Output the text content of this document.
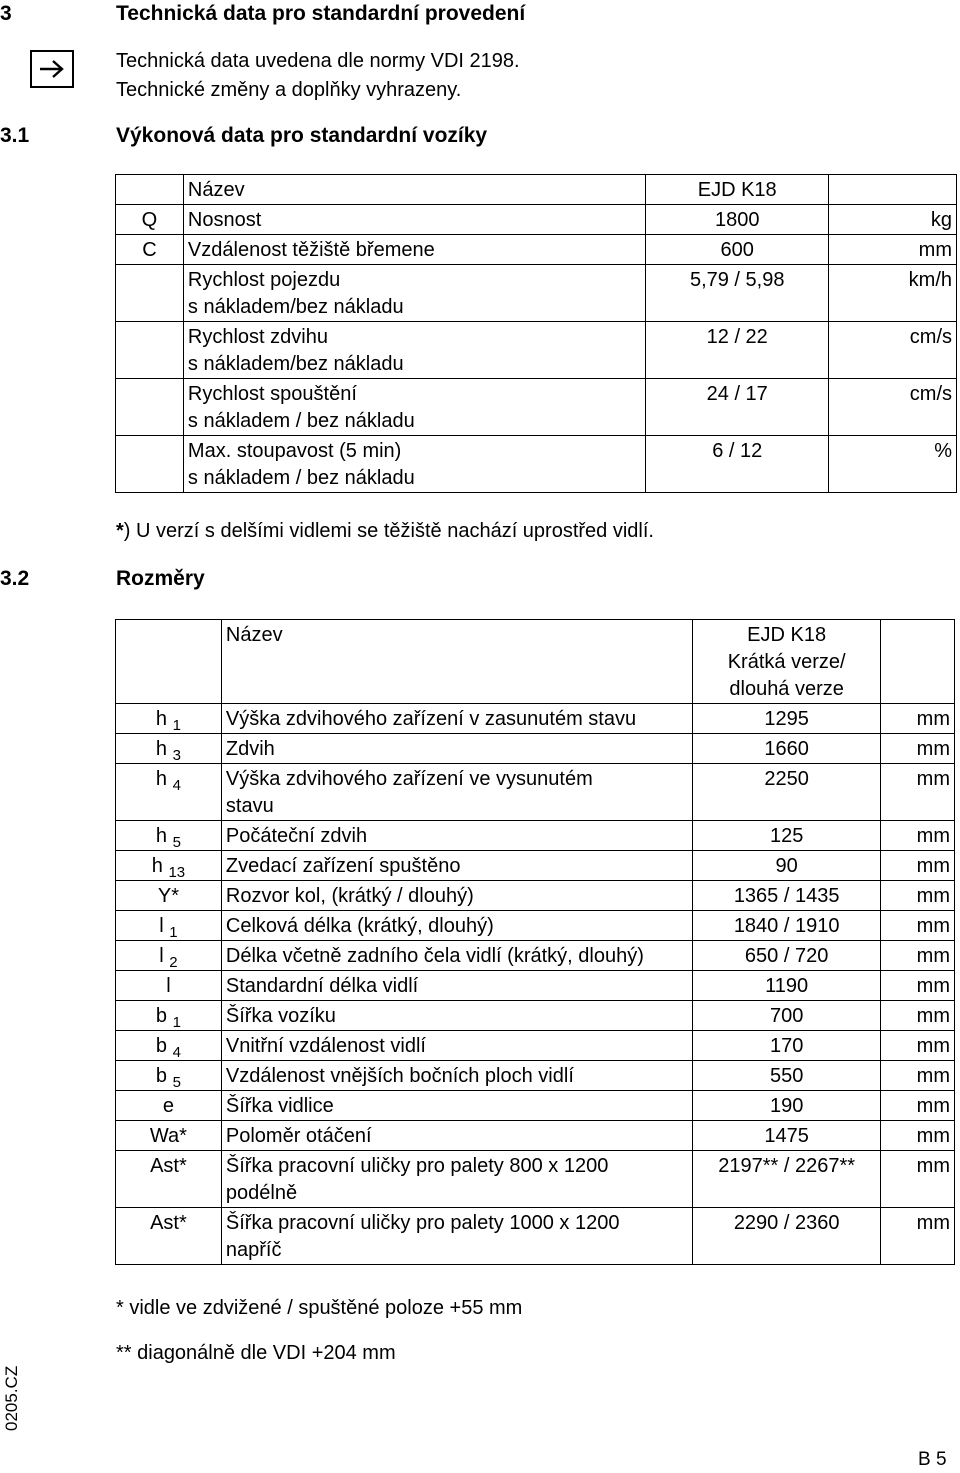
3	Technická data pro standardní provedení
Technická data uvedena dle normy VDI 2198.
Technické změny a doplňky vyhrazeny.
3.1	Výkonová data pro standardní vozíky
	Název	EJD K18	
Q	Nosnost	1800	kg
C	Vzdálenost těžiště břemene	600	mm

	Rychlost pojezdu
s nákladem/bez nákladu	5,79 / 5,98	km/h

	Rychlost zdvihu
s nákladem/bez nákladu	12 / 22	cm/s

	Rychlost spouštění
s nákladem / bez nákladu	24 / 17	cm/s

	Max. stoupavost (5 min)
s nákladem / bez nákladu	6 / 12	%
*) U verzí s delšími vidlemi se těžiště nachází uprostřed vidlí.
3.2	Rozměry
	Název	EJD K18
Krátká verze/
dlouhá verze	

h $_1$	Výška zdvihového zařízení v zasunutém stavu	1295	mm
h $_3$	Zdvih	1660	mm
h $_4$	Výška zdvihového zařízení ve vysunutém
stavu	2250	mm
h $_5$	Počáteční zdvih	125	mm
h $_{13}$	Zvedací zařízení spuštěno	90	mm
Y*	Rozvor kol, (krátký / dlouhý)	1365 / 1435	mm
l $_1$	Celková délka (krátký, dlouhý)	1840 / 1910	mm
l $_2$	Délka včetně zadního čela vidlí (krátký, dlouhý)	650 / 720	mm
l	Standardní délka vidlí	1190	mm
b $_1$	Šířka vozíku	700	mm
b $_4$	Vnitřní vzdálenost vidlí	170	mm
b $_5$	Vzdálenost vnějších bočních ploch vidlí	550	mm
e	Šířka vidlice	190	mm
Wa*	Poloměr otáčení	1475	mm
Ast*	Šířka pracovní uličky pro palety 800 x 1200
podélně	2197** / 2267**	mm
Ast*	Šířka pracovní uličky pro palety 1000 x 1200
napříč	2290 / 2360	mm
* vidle ve zdvižené / spuštěné poloze +55 mm
** diagonálně dle VDI +204 mm
0205.CZ
B 5
